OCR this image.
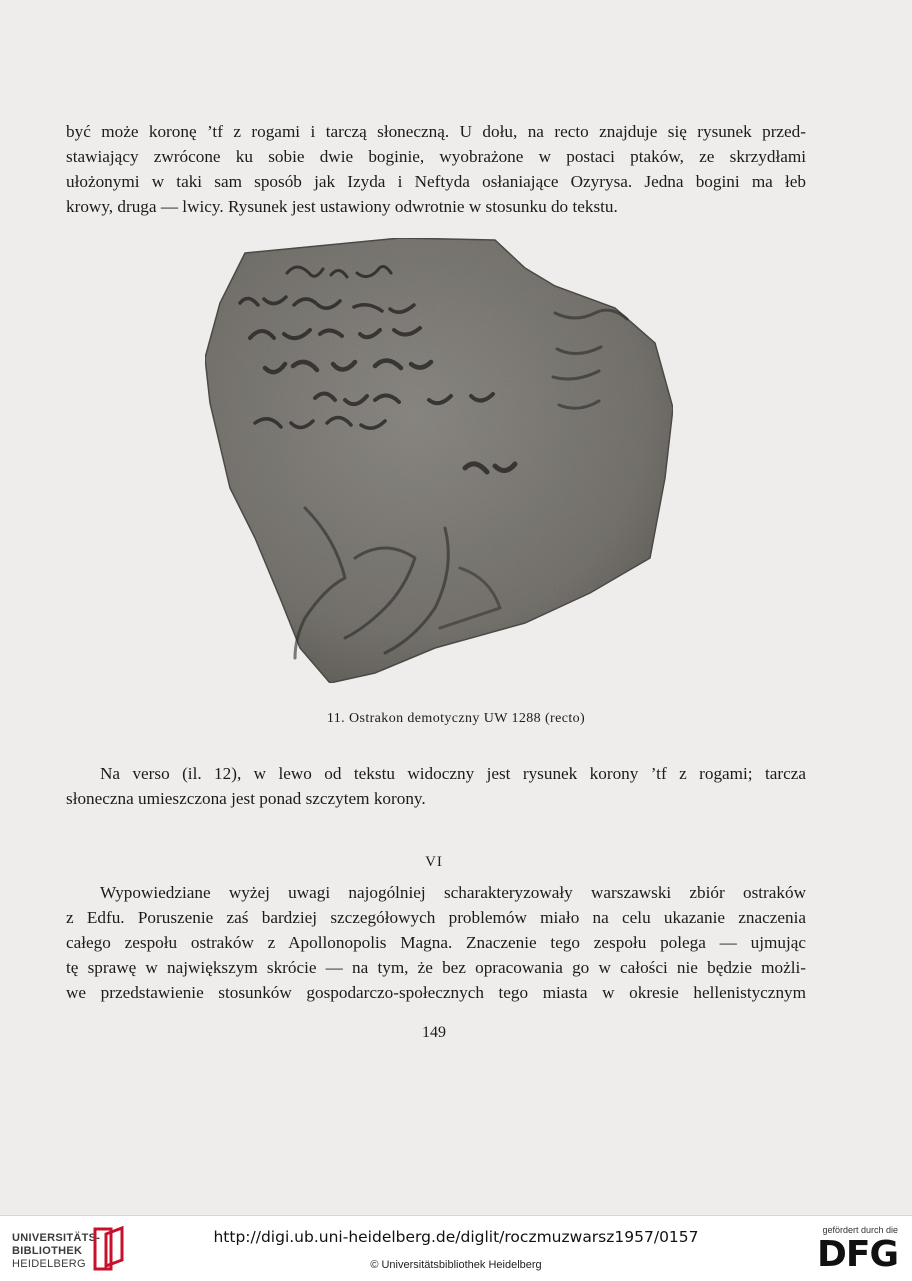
być może koronę ’tf z rogami i tarczą słoneczną. U dołu, na recto znajduje się rysunek przed-
stawiający zwrócone ku sobie dwie boginie, wyobrażone w postaci ptaków, ze skrzydłami
ułożonymi w taki sam sposób jak Izyda i Neftyda osłaniające Ozyrysa. Jedna bogini ma łeb
krowy, druga — lwicy. Rysunek jest ustawiony odwrotnie w stosunku do tekstu.
11. Ostrakon demotyczny UW 1288 (recto)
Na verso (il. 12), w lewo od tekstu widoczny jest rysunek korony ’tf z rogami; tarcza
słoneczna umieszczona jest ponad szczytem korony.
VI
Wypowiedziane wyżej uwagi najogólniej scharakteryzowały warszawski zbiór ostraków
z Edfu. Poruszenie zaś bardziej szczegółowych problemów miało na celu ukazanie znaczenia
całego zespołu ostraków z Apollonopolis Magna. Znaczenie tego zespołu polega — ujmując
tę sprawę w największym skrócie — na tym, że bez opracowania go w całości nie będzie możli-
we przedstawienie stosunków gospodarczo-społecznych tego miasta w okresie hellenistycznym
149
UNIVERSITÄTS-
BIBLIOTHEK
HEIDELBERG
http://digi.ub.uni-heidelberg.de/diglit/roczmuzwarsz1957/0157
© Universitätsbibliothek Heidelberg
gefördert durch die
DFG
